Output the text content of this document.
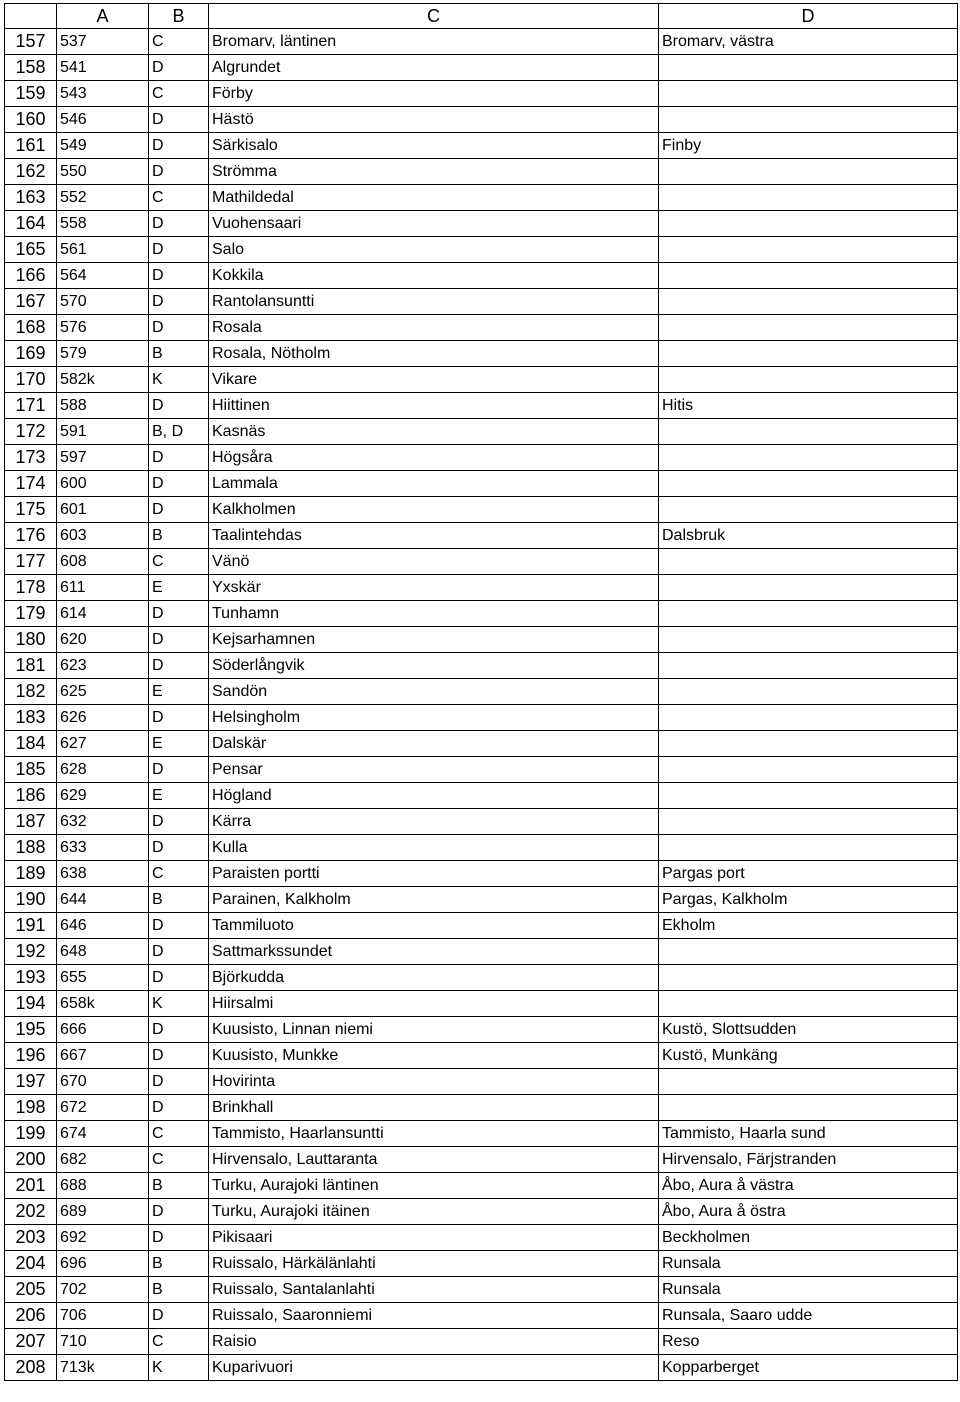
	A	B	C	D
157	537	C	Bromarv, läntinen	Bromarv, västra
158	541	D	Algrundet	
159	543	C	Förby	
160	546	D	Hästö	
161	549	D	Särkisalo	Finby
162	550	D	Strömma	
163	552	C	Mathildedal	
164	558	D	Vuohensaari	
165	561	D	Salo	
166	564	D	Kokkila	
167	570	D	Rantolansuntti	
168	576	D	Rosala	
169	579	B	Rosala, Nötholm	
170	582k	K	Vikare	
171	588	D	Hiittinen	Hitis
172	591	B, D	Kasnäs	
173	597	D	Högsåra	
174	600	D	Lammala	
175	601	D	Kalkholmen	
176	603	B	Taalintehdas	Dalsbruk
177	608	C	Vänö	
178	611	E	Yxskär	
179	614	D	Tunhamn	
180	620	D	Kejsarhamnen	
181	623	D	Söderlångvik	
182	625	E	Sandön	
183	626	D	Helsingholm	
184	627	E	Dalskär	
185	628	D	Pensar	
186	629	E	Högland	
187	632	D	Kärra	
188	633	D	Kulla	
189	638	C	Paraisten portti	Pargas port
190	644	B	Parainen, Kalkholm	Pargas, Kalkholm
191	646	D	Tammiluoto	Ekholm
192	648	D	Sattmarkssundet	
193	655	D	Björkudda	
194	658k	K	Hiirsalmi	
195	666	D	Kuusisto, Linnan niemi	Kustö, Slottsudden
196	667	D	Kuusisto, Munkke	Kustö, Munkäng
197	670	D	Hovirinta	
198	672	D	Brinkhall	
199	674	C	Tammisto, Haarlansuntti	Tammisto, Haarla sund
200	682	C	Hirvensalo, Lauttaranta	Hirvensalo, Färjstranden
201	688	B	Turku, Aurajoki läntinen	Åbo, Aura å västra
202	689	D	Turku, Aurajoki itäinen	Åbo, Aura å östra
203	692	D	Pikisaari	Beckholmen
204	696	B	Ruissalo, Härkälänlahti	Runsala
205	702	B	Ruissalo, Santalanlahti	Runsala
206	706	D	Ruissalo, Saaronniemi	Runsala, Saaro udde
207	710	C	Raisio	Reso
208	713k	K	Kuparivuori	Kopparberget
